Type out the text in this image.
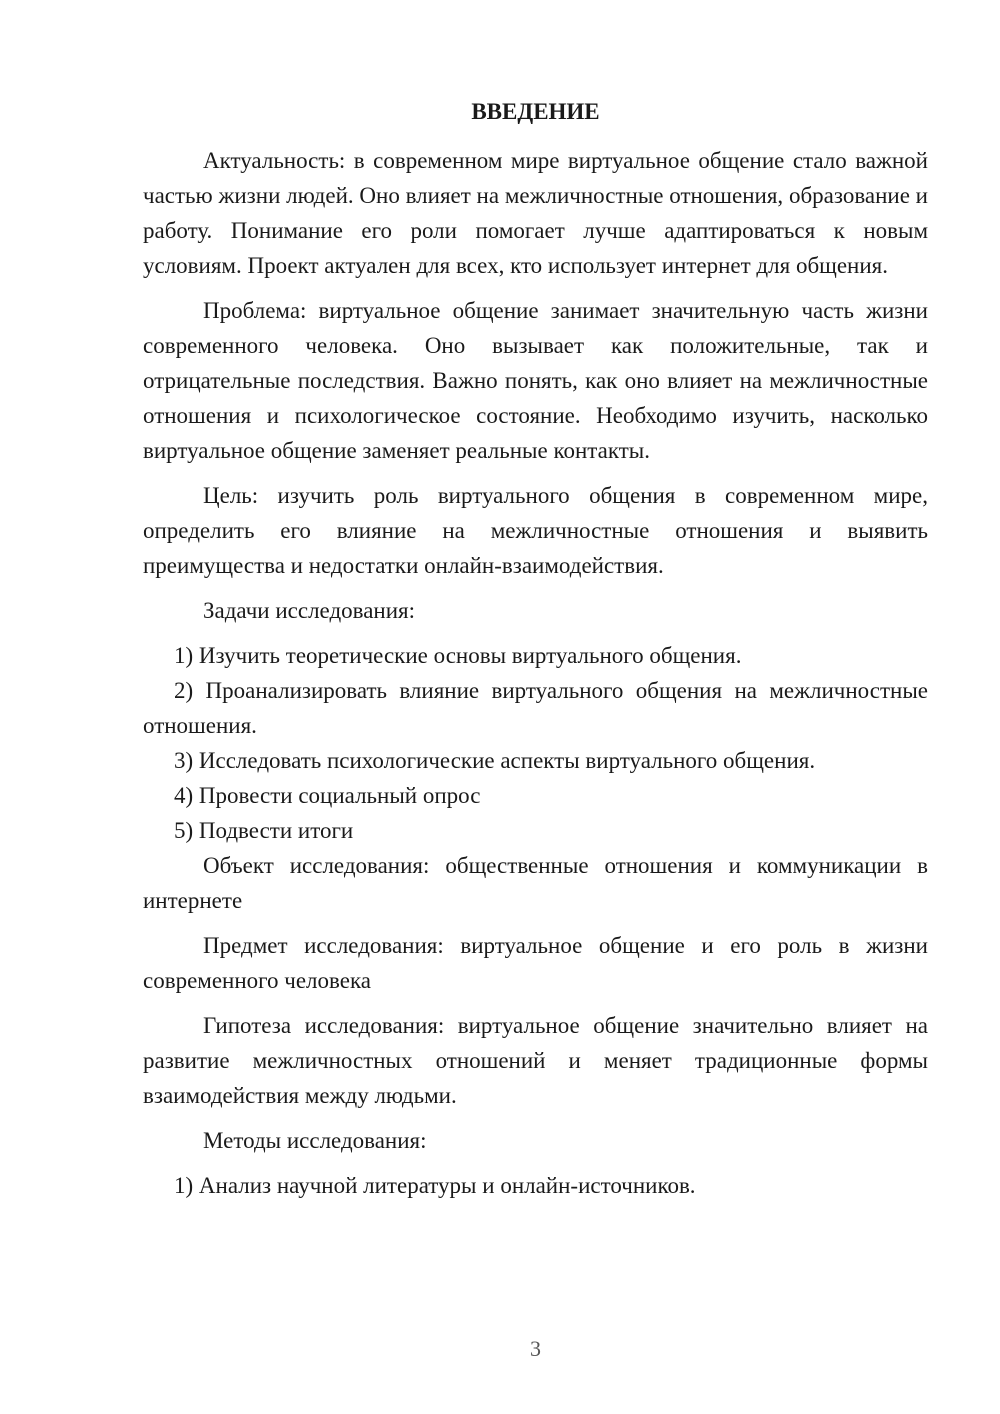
ВВЕДЕНИЕ

Актуальность: в современном мире виртуальное общение стало важной частью жизни людей. Оно влияет на межличностные отношения, образование и работу. Понимание его роли помогает лучше адаптироваться к новым условиям. Проект актуален для всех, кто использует интернет для общения.

Проблема: виртуальное общение занимает значительную часть жизни современного человека. Оно вызывает как положительные, так и отрицательные последствия. Важно понять, как оно влияет на межличностные отношения и психологическое состояние. Необходимо изучить, насколько виртуальное общение заменяет реальные контакты.

Цель: изучить роль виртуального общения в современном мире, определить его влияние на межличностные отношения и выявить преимущества и недостатки онлайн-взаимодействия.

Задачи исследования:

1) Изучить теоретические основы виртуального общения.

2) Проанализировать влияние виртуального общения на межличностные отношения.

3) Исследовать психологические аспекты виртуального общения.

4) Провести социальный опрос

5) Подвести итоги

Объект исследования: общественные отношения и коммуникации в интернете

Предмет исследования: виртуальное общение и его роль в жизни современного человека

Гипотеза исследования: виртуальное общение значительно влияет на развитие межличностных отношений и меняет традиционные формы взаимодействия между людьми.

Методы исследования:

1) Анализ научной литературы и онлайн-источников.

3
